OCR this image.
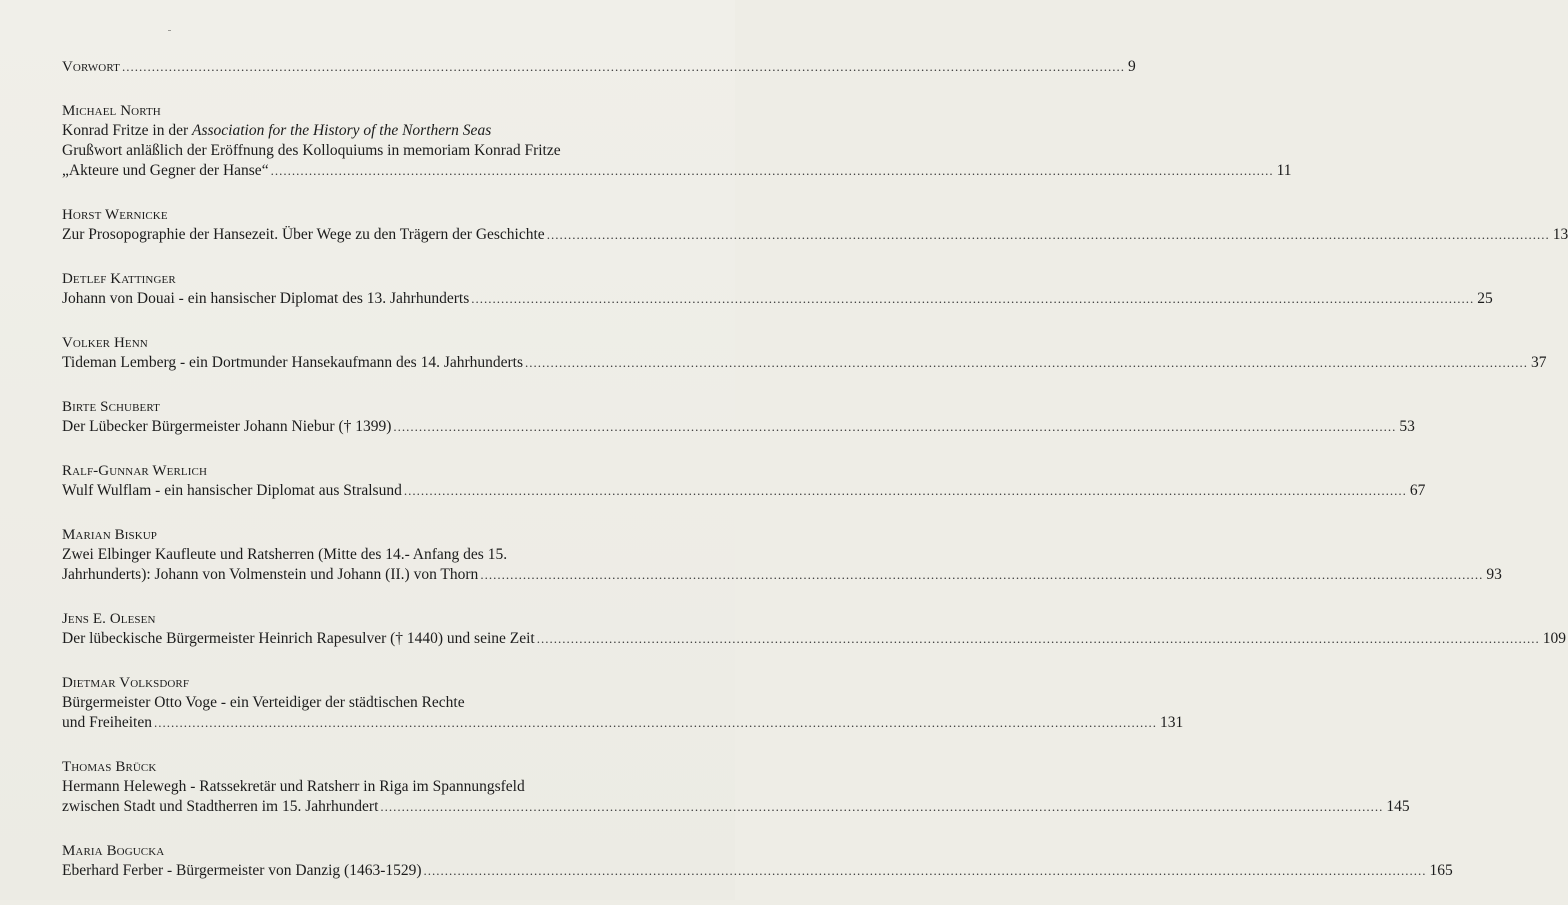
Vorwort .....	9
Michael North
Konrad Fritze in der Association for the History of the Northern Seas
Grußwort anläßlich der Eröffnung des Kolloquiums in memoriam Konrad Fritze
„Akteure und Gegner der Hanse“ .....	11
Horst Wernicke
Zur Prosopographie der Hansezeit. Über Wege zu den Trägern der Geschichte .....	13
Detlef Kattinger
Johann von Douai - ein hansischer Diplomat des 13. Jahrhunderts .....	25
Volker Henn
Tideman Lemberg - ein Dortmunder Hansekaufmann des 14. Jahrhunderts .....	37
Birte Schubert
Der Lübecker Bürgermeister Johann Niebur († 1399) .....	53
Ralf-Gunnar Werlich
Wulf Wulflam - ein hansischer Diplomat aus Stralsund .....	67
Marian Biskup
Zwei Elbinger Kaufleute und Ratsherren (Mitte des 14.- Anfang des 15.
Jahrhunderts): Johann von Volmenstein und Johann (II.) von Thorn .....	93
Jens E. Olesen
Der lübeckische Bürgermeister Heinrich Rapesulver († 1440) und seine Zeit .....	109
Dietmar Volksdorf
Bürgermeister Otto Voge - ein Verteidiger der städtischen Rechte
und Freiheiten .....	131
Thomas Brück
Hermann Helewegh - Ratssekretär und Ratsherr in Riga im Spannungsfeld
zwischen Stadt und Stadtherren im 15. Jahrhundert .....	145
Maria Bogucka
Eberhard Ferber - Bürgermeister von Danzig (1463-1529) .....	165
